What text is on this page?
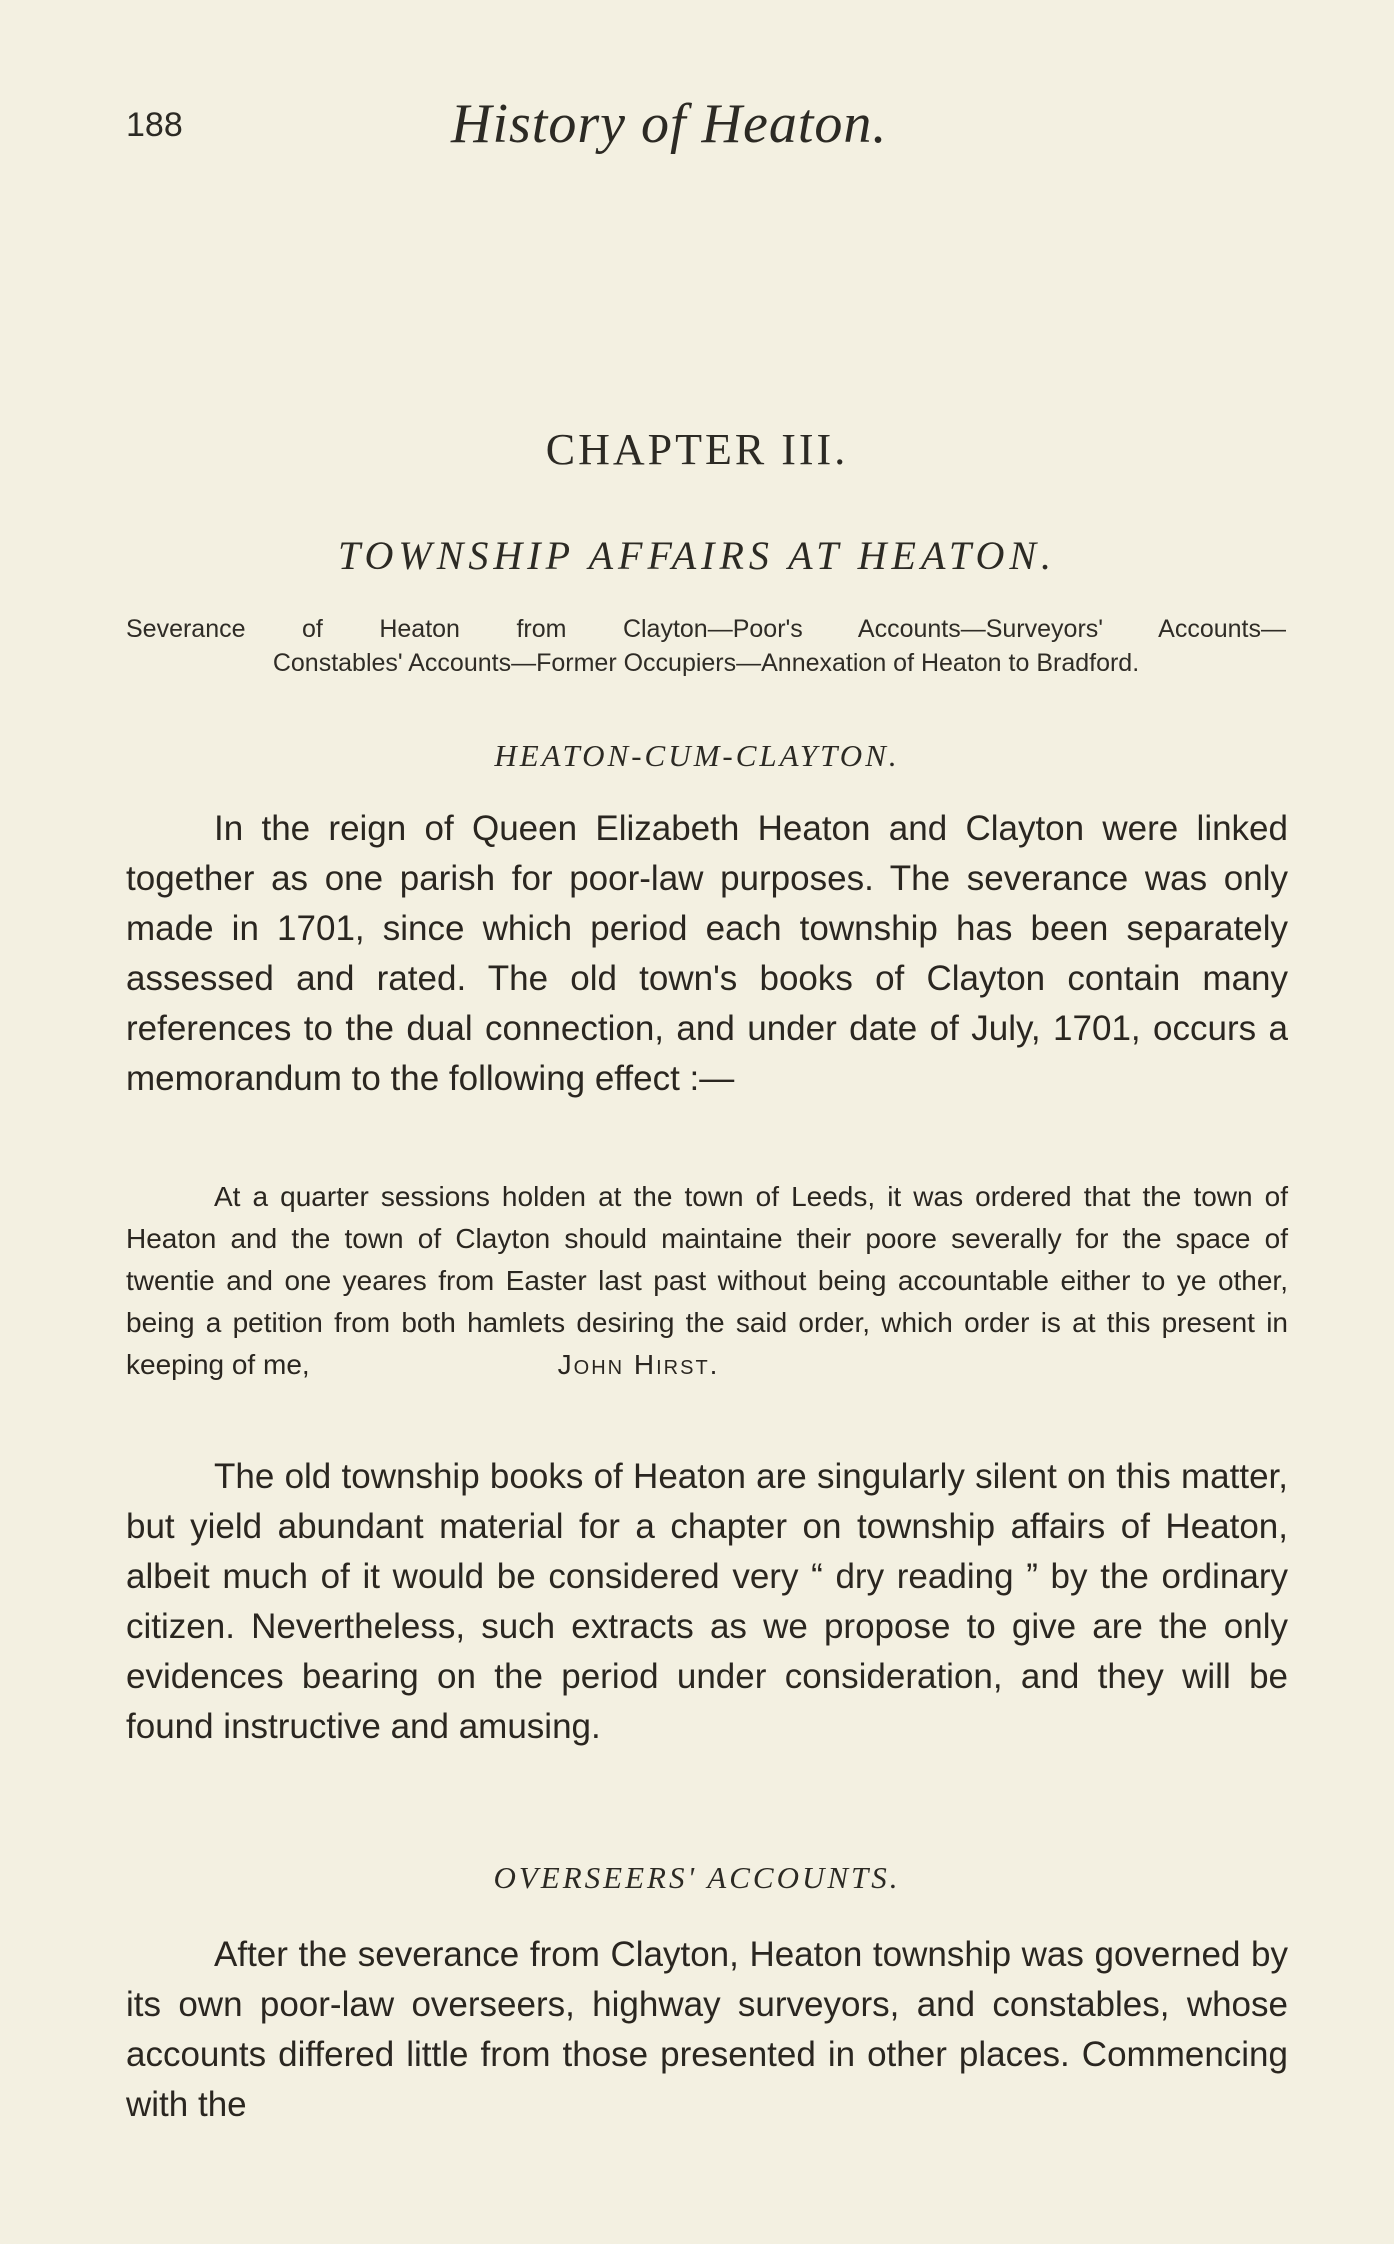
188	History of Heaton.
CHAPTER III.
TOWNSHIP AFFAIRS AT HEATON.
Severance of Heaton from Clayton—Poor's Accounts—Surveyors' Accounts—
Constables' Accounts—Former Occupiers—Annexation of Heaton to Bradford.
HEATON-CUM-CLAYTON.

In the reign of Queen Elizabeth Heaton and Clayton were linked together as one parish for poor-law purposes. The severance was only made in 1701, since which period each township has been separately assessed and rated. The old town's books of Clayton contain many references to the dual connection, and under date of July, 1701, occurs a memorandum to the following effect :—

At a quarter sessions holden at the town of Leeds, it was ordered that the town of Heaton and the town of Clayton should maintaine their poore severally for the space of twentie and one yeares from Easter last past without being accountable either to ye other, being a petition from both hamlets desiring the said order, which order is at this present in keeping of me,	John Hirst.

The old township books of Heaton are singularly silent on this matter, but yield abundant material for a chapter on township affairs of Heaton, albeit much of it would be considered very “ dry reading ” by the ordinary citizen. Nevertheless, such extracts as we propose to give are the only evidences bearing on the period under consideration, and they will be found instructive and amusing.

OVERSEERS' ACCOUNTS.

After the severance from Clayton, Heaton township was governed by its own poor-law overseers, highway surveyors, and constables, whose accounts differed little from those presented in other places. Commencing with the
